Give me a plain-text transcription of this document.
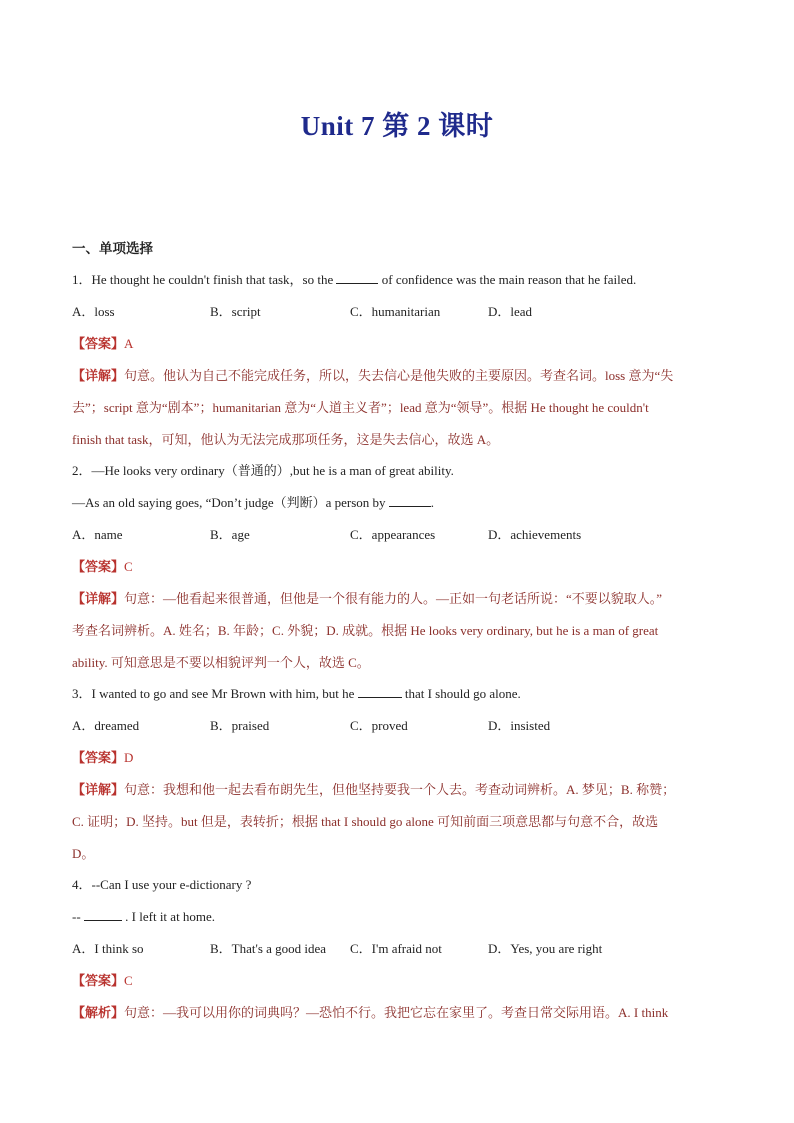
Unit 7 第 2 课时
一、单项选择
1．He thought he couldn't finish that task，so the	of confidence was the main reason that he failed.
A．loss	B．script	C．humanitarian	D．lead
【答案】A
【详解】句意。他认为自己不能完成任务，所以，失去信心是他失败的主要原因。考查名词。loss 意为“失
去”；script 意为“剧本”；humanitarian 意为“人道主义者”；lead 意为“领导”。根据 He thought he couldn't
finish that task，可知，他认为无法完成那项任务，这是失去信心，故选 A。
2．—He looks very ordinary（普通的）,but he is a man of great ability.
—As an old saying goes, “Don’t judge（判断）a person by	.
A．name	B．age	C．appearances	D．achievements
【答案】C
【详解】句意：—他看起来很普通，但他是一个很有能力的人。—正如一句老话所说：“不要以貌取人。”
考查名词辨析。A. 姓名；B. 年龄；C. 外貌；D. 成就。根据 He looks very ordinary, but he is a man of great
ability. 可知意思是不要以相貌评判一个人，故选 C。
3．I wanted to go and see Mr Brown with him, but he	that I should go alone.
A．dreamed	B．praised	C．proved	D．insisted
【答案】D
【详解】句意：我想和他一起去看布朗先生，但他坚持要我一个人去。考查动词辨析。A. 梦见；B. 称赞；
C. 证明；D. 坚持。but 但是，表转折；根据 that I should go alone 可知前面三项意思都与句意不合，故选
D。
4．--Can I use your e-dictionary ?
--	. I left it at home.
A．I think so	B．That's a good idea C．I'm afraid not	D．Yes, you are right
【答案】C
【解析】句意：—我可以用你的词典吗？—恐怕不行。我把它忘在家里了。考查日常交际用语。A. I think
